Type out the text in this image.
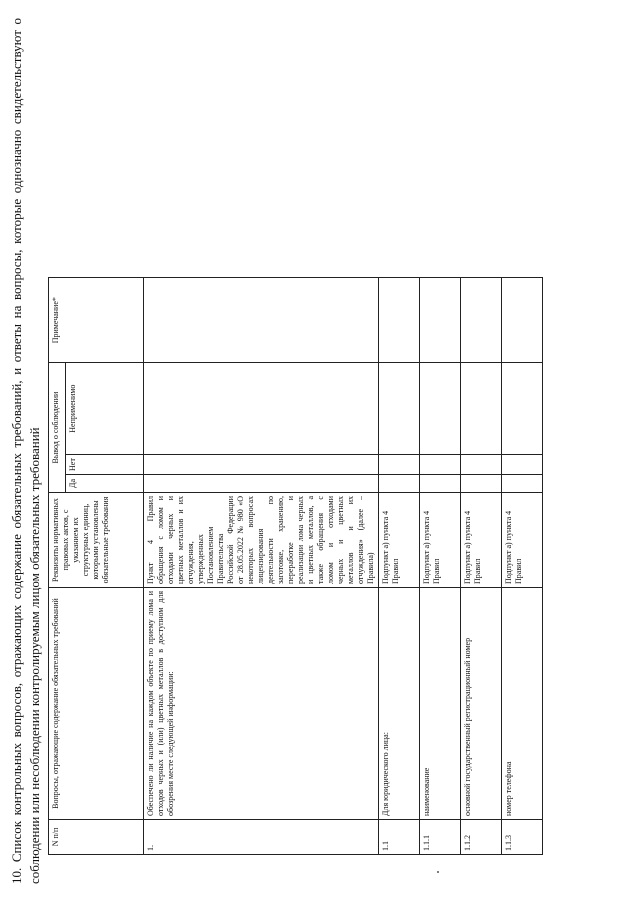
10. Список контрольных вопросов, отражающих содержание обязательных требований, и ответы на вопросы, которые однозначно свидетельствуют о соблюдении или несоблюдении контролируемым лицом обязательных требований N п/п	Вопросы, отражающие содержание обязательных требований	Реквизиты нормативных правовых актов, с указанием их структурных единиц, которыми установлены обязательные требования	Вывод о соблюдении			Примечание*
			Да	Нет	Неприменимо	
1.	Обеспечено ли наличие на каждом объекте по приему лома и отходов черных и (или) цветных металлов в доступном для обозрения месте следующей информации:	Пункт 4 Правил обращения с ломом и отходами черных и цветных металлов и их отчуждения, утвержденных Постановлением Правительства Российской Федерации от 28.05.2022 № 980 «О некоторых вопросах лицензирования деятельности по заготовке, хранению, переработке и реализации лома черных и цветных металлов, а также обращения с ломом и отходами черных и цветных металлов и их отчуждения» (далее – Правила)				
1.1	Для юридического лица:	Подпункт а) пункта 4 Правил				
1.1.1	наименование	Подпункт а) пункта 4 Правил				
1.1.2	основной государственный регистрационный номер	Подпункт а) пункта 4 Правил				
1.1.3	номер телефона	Подпункт а) пункта 4 Правил				
